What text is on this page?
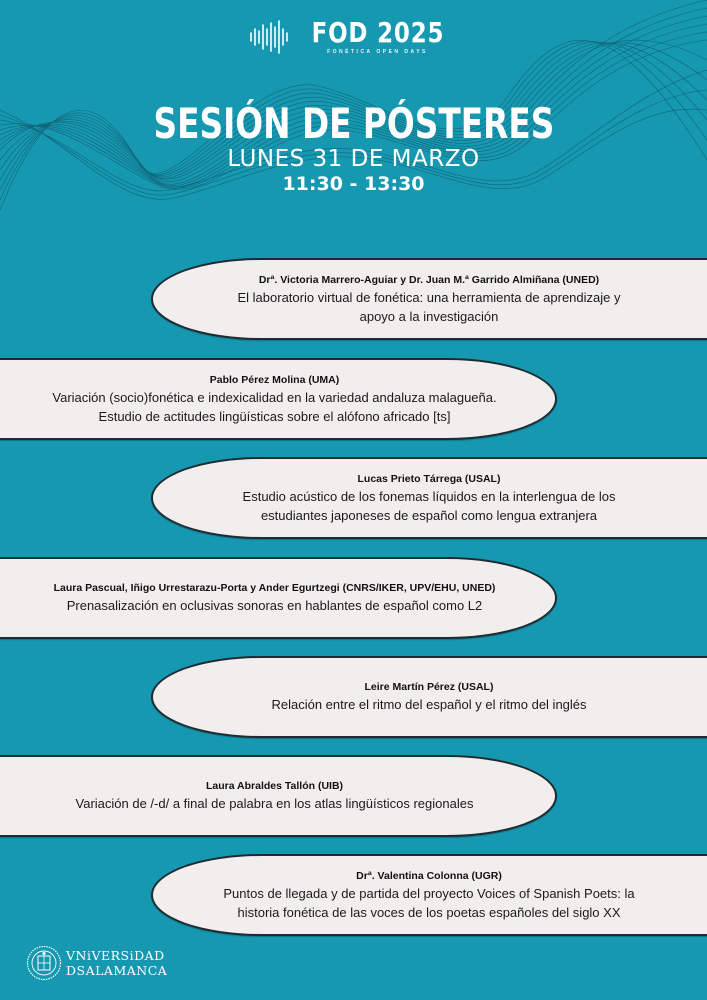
FOD 2025
FONÉTICA OPEN DAYS
SESIÓN DE PÓSTERES
LUNES 31 DE MARZO
11:30 - 13:30
Drª. Victoria Marrero-Aguiar y Dr. Juan M.ª Garrido Almiñana (UNED)
El laboratorio virtual de fonética: una herramienta de aprendizaje y
apoyo a la investigación
Pablo Pérez Molina (UMA)
Variación (socio)fonética e indexicalidad en la variedad andaluza malagueña.
Estudio de actitudes lingüísticas sobre el alófono africado [ts]
Lucas Prieto Tárrega (USAL)
Estudio acústico de los fonemas líquidos en la interlengua de los
estudiantes japoneses de español como lengua extranjera
Laura Pascual, Iñigo Urrestarazu-Porta y Ander Egurtzegi (CNRS/IKER, UPV/EHU, UNED)
Prenasalización en oclusivas sonoras en hablantes de español como L2
Leire Martín Pérez (USAL)
Relación entre el ritmo del español y el ritmo del inglés
Laura Abraldes Tallón (UIB)
Variación de /-d/ a final de palabra en los atlas lingüísticos regionales
Drª. Valentina Colonna (UGR)
Puntos de llegada y de partida del proyecto Voices of Spanish Poets: la
historia fonética de las voces de los poetas españoles del siglo XX
VNiVERSiDAD
DSALAMANCA
